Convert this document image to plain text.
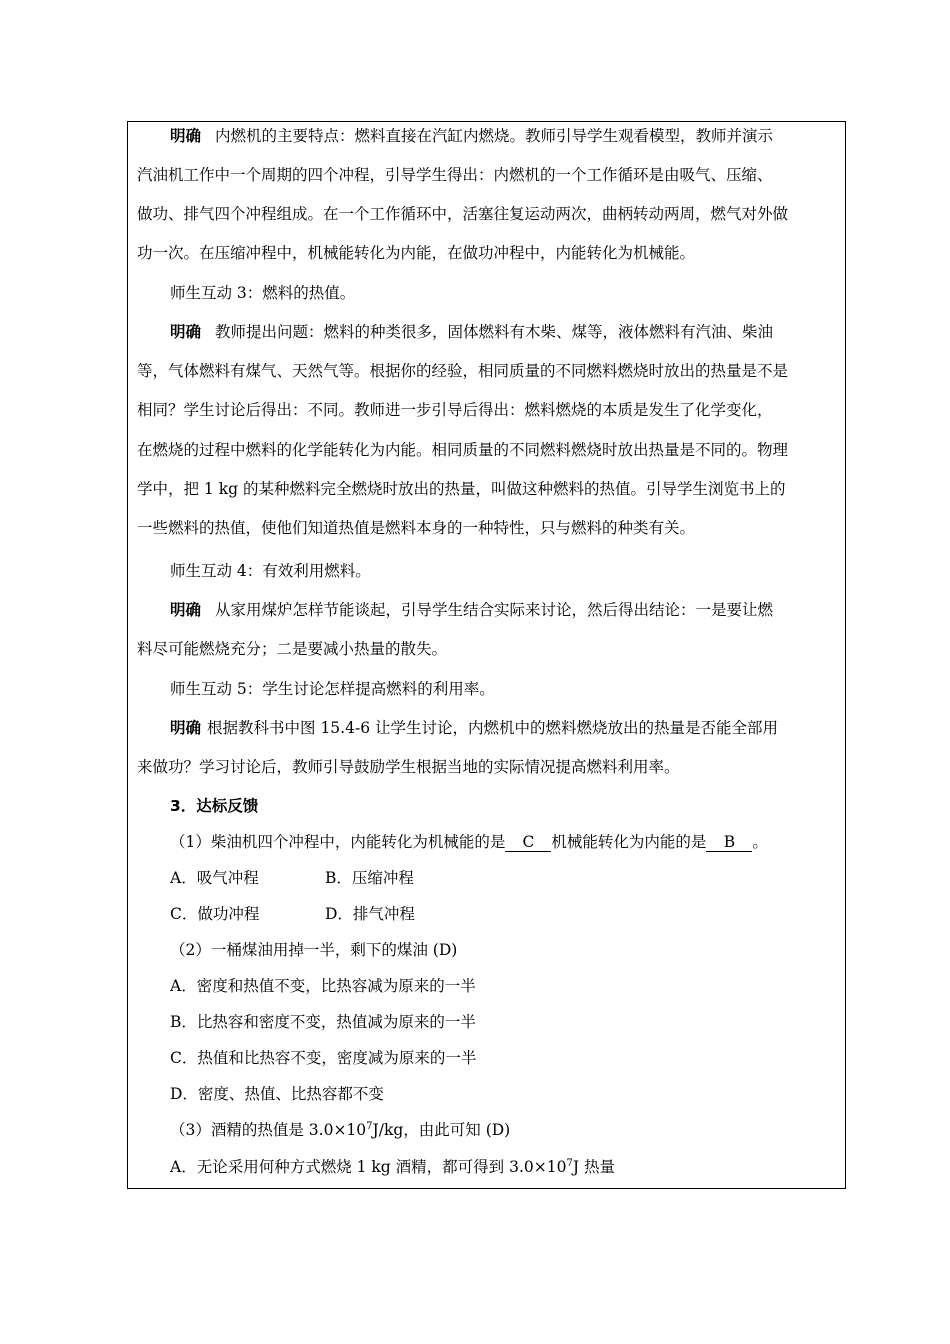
明确 内燃机的主要特点：燃料直接在汽缸内燃烧。教师引导学生观看模型，教师并演示
汽油机工作中一个周期的四个冲程，引导学生得出：内燃机的一个工作循环是由吸气、压缩、
做功、排气四个冲程组成。在一个工作循环中，活塞往复运动两次，曲柄转动两周，燃气对外做
功一次。在压缩冲程中，机械能转化为内能，在做功冲程中，内能转化为机械能。
师生互动 3：燃料的热值。
明确 教师提出问题：燃料的种类很多，固体燃料有木柴、煤等，液体燃料有汽油、柴油
等，气体燃料有煤气、天然气等。根据你的经验，相同质量的不同燃料燃烧时放出的热量是不是
相同？学生讨论后得出：不同。教师进一步引导后得出：燃料燃烧的本质是发生了化学变化，
在燃烧的过程中燃料的化学能转化为内能。相同质量的不同燃料燃烧时放出热量是不同的。物理
学中，把 1 kg 的某种燃料完全燃烧时放出的热量，叫做这种燃料的热值。引导学生浏览书上的
一些燃料的热值，使他们知道热值是燃料本身的一种特性，只与燃料的种类有关。
师生互动 4：有效利用燃料。
明确 从家用煤炉怎样节能谈起，引导学生结合实际来讨论，然后得出结论：一是要让燃
料尽可能燃烧充分；二是要减小热量的散失。
师生互动 5：学生讨论怎样提高燃料的利用率。
明确 根据教科书中图 15.4-6 让学生讨论，内燃机中的燃料燃烧放出的热量是否能全部用
来做功？学习讨论后，教师引导鼓励学生根据当地的实际情况提高燃料利用率。
3．达标反馈
（1）柴油机四个冲程中，内能转化为机械能的是 C 机械能转化为内能的是 B 。
A．吸气冲程	B．压缩冲程
C．做功冲程	D．排气冲程
（2）一桶煤油用掉一半，剩下的煤油 (D)
A．密度和热值不变，比热容减为原来的一半
B．比热容和密度不变，热值减为原来的一半
C．热值和比热容不变，密度减为原来的一半
D．密度、热值、比热容都不变
（3）酒精的热值是 $3.0\times 10^7J/kg$，由此可知 (D)
A．无论采用何种方式燃烧 1 kg 酒精，都可得到 $3.0\times 10^7J$ 热量
